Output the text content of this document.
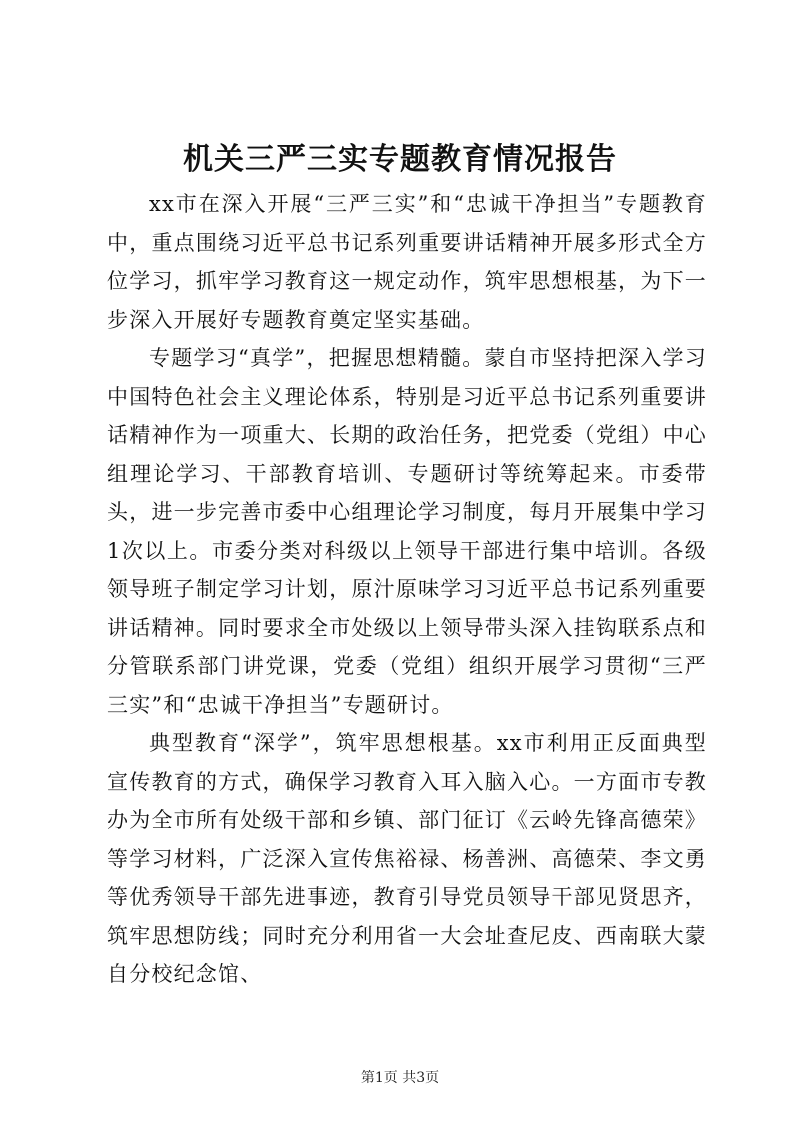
机关三严三实专题教育情况报告

xx市在深入开展“三严三实”和“忠诚干净担当”专题教育中，重点围绕习近平总书记系列重要讲话精神开展多形式全方位学习，抓牢学习教育这一规定动作，筑牢思想根基，为下一步深入开展好专题教育奠定坚实基础。

专题学习“真学”，把握思想精髓。蒙自市坚持把深入学习中国特色社会主义理论体系，特别是习近平总书记系列重要讲话精神作为一项重大、长期的政治任务，把党委（党组）中心组理论学习、干部教育培训、专题研讨等统筹起来。市委带头，进一步完善市委中心组理论学习制度，每月开展集中学习1次以上。市委分类对科级以上领导干部进行集中培训。各级领导班子制定学习计划，原汁原味学习习近平总书记系列重要讲话精神。同时要求全市处级以上领导带头深入挂钩联系点和分管联系部门讲党课，党委（党组）组织开展学习贯彻“三严三实”和“忠诚干净担当”专题研讨。

典型教育“深学”，筑牢思想根基。xx市利用正反面典型宣传教育的方式，确保学习教育入耳入脑入心。一方面市专教办为全市所有处级干部和乡镇、部门征订《云岭先锋高德荣》等学习材料，广泛深入宣传焦裕禄、杨善洲、高德荣、李文勇等优秀领导干部先进事迹，教育引导党员领导干部见贤思齐，筑牢思想防线；同时充分利用省一大会址查尼皮、西南联大蒙自分校纪念馆、

第1页 共3页
